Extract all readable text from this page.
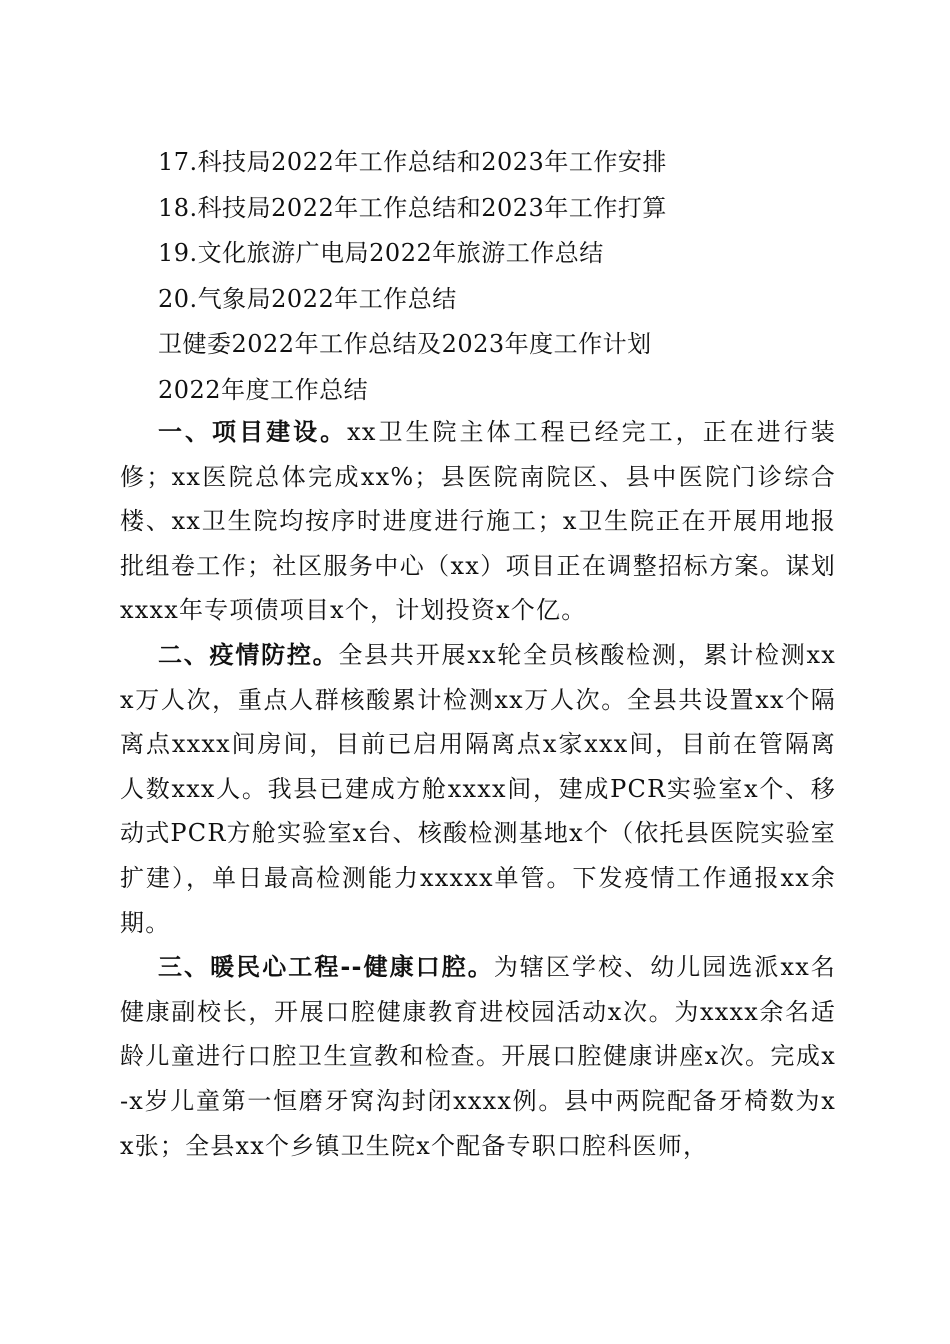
17.科技局2022年工作总结和2023年工作安排
18.科技局2022年工作总结和2023年工作打算
19.文化旅游广电局2022年旅游工作总结
20.气象局2022年工作总结
卫健委2022年工作总结及2023年度工作计划
2022年度工作总结

一、项目建设。xx卫生院主体工程已经完工，正在进行装修；xx医院总体完成xx%；县医院南院区、县中医院门诊综合楼、xx卫生院均按序时进度进行施工；x卫生院正在开展用地报批组卷工作；社区服务中心（xx）项目正在调整招标方案。谋划xxxx年专项债项目x个，计划投资x个亿。

二、疫情防控。全县共开展xx轮全员核酸检测，累计检测xxx万人次，重点人群核酸累计检测xx万人次。全县共设置xx个隔离点xxxx间房间，目前已启用隔离点x家xxx间，目前在管隔离人数xxx人。我县已建成方舱xxxx间，建成PCR实验室x个、移动式PCR方舱实验室x台、核酸检测基地x个（依托县医院实验室扩建），单日最高检测能力xxxxx单管。下发疫情工作通报xx余期。

三、暖民心工程--健康口腔。为辖区学校、幼儿园选派xx名健康副校长，开展口腔健康教育进校园活动x次。为xxxx余名适龄儿童进行口腔卫生宣教和检查。开展口腔健康讲座x次。完成x-x岁儿童第一恒磨牙窝沟封闭xxxx例。县中两院配备牙椅数为xx张；全县xx个乡镇卫生院x个配备专职口腔科医师，
